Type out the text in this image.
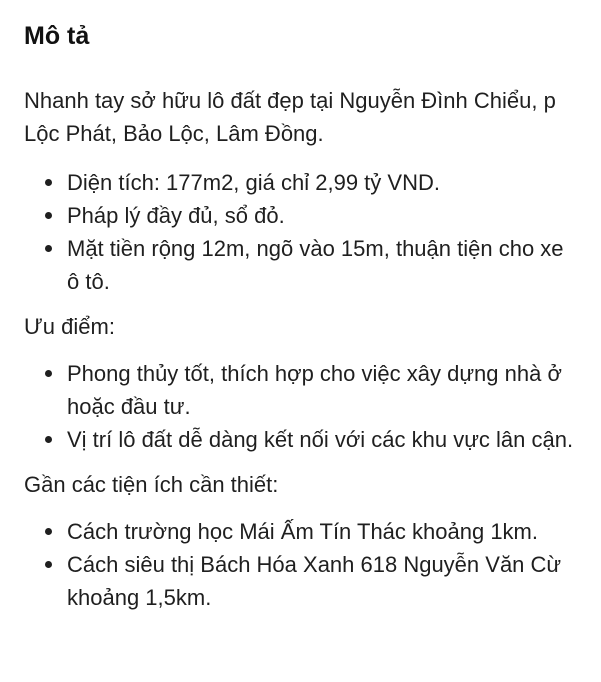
Mô tả

Nhanh tay sở hữu lô đất đẹp tại Nguyễn Đình Chiểu, p Lộc Phát, Bảo Lộc, Lâm Đồng.

Diện tích: 177m2, giá chỉ 2,99 tỷ VND.
Pháp lý đầy đủ, sổ đỏ.
Mặt tiền rộng 12m, ngõ vào 15m, thuận tiện cho xe ô tô.

Ưu điểm:

Phong thủy tốt, thích hợp cho việc xây dựng nhà ở hoặc đầu tư.
Vị trí lô đất dễ dàng kết nối với các khu vực lân cận.

Gần các tiện ích cần thiết:

Cách trường học Mái Ấm Tín Thác khoảng 1km.
Cách siêu thị Bách Hóa Xanh 618 Nguyễn Văn Cừ khoảng 1,5km.
